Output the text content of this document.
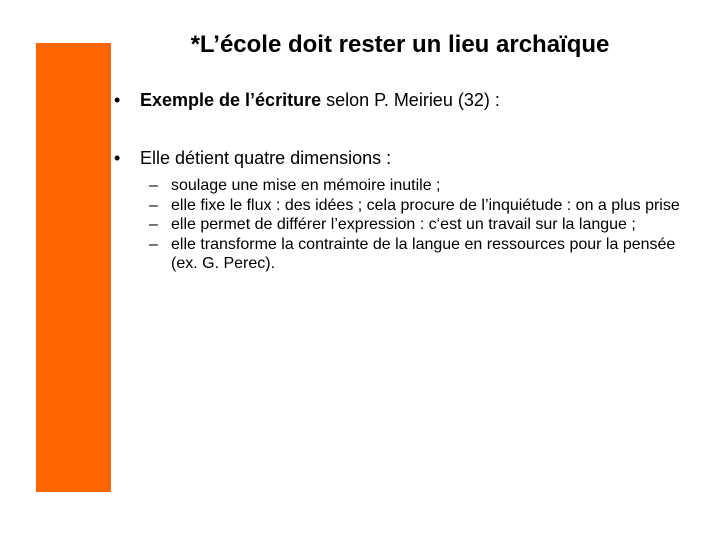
*L’école doit rester un lieu archaïque
• Exemple de l’écriture selon P. Meirieu (32) :
• Elle détient quatre dimensions :
– soulage une mise en mémoire inutile ;
– elle fixe le flux : des idées ; cela procure de l’inquiétude : on a plus prise
– elle permet de différer l’expression : c‘est un travail sur la langue ;
– elle transforme la contrainte de la langue en ressources pour la pensée (ex. G. Perec).
